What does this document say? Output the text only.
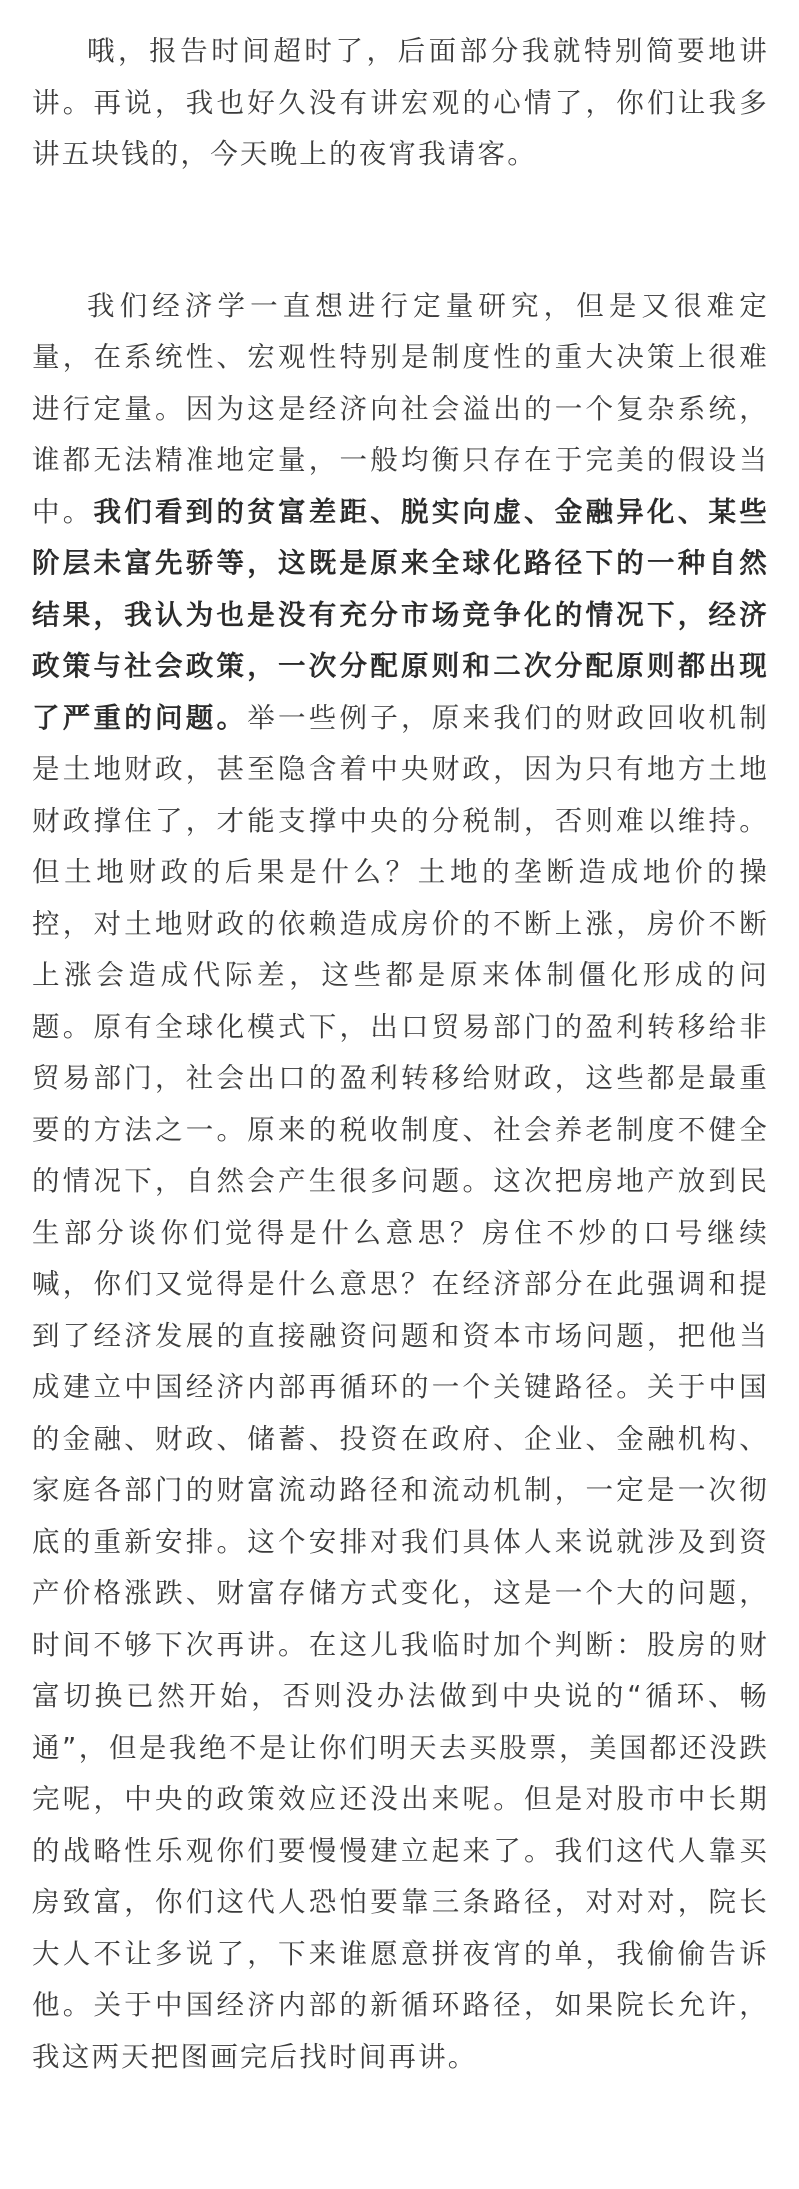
哦，报告时间超时了，后面部分我就特别简要地讲讲。再说，我也好久没有讲宏观的心情了，你们让我多讲五块钱的，今天晚上的夜宵我请客。

我们经济学一直想进行定量研究，但是又很难定量，在系统性、宏观性特别是制度性的重大决策上很难进行定量。因为这是经济向社会溢出的一个复杂系统，谁都无法精准地定量，一般均衡只存在于完美的假设当中。我们看到的贫富差距、脱实向虚、金融异化、某些阶层未富先骄等，这既是原来全球化路径下的一种自然结果，我认为也是没有充分市场竞争化的情况下，经济政策与社会政策，一次分配原则和二次分配原则都出现了严重的问题。举一些例子，原来我们的财政回收机制是土地财政，甚至隐含着中央财政，因为只有地方土地财政撑住了，才能支撑中央的分税制，否则难以维持。但土地财政的后果是什么？土地的垄断造成地价的操控，对土地财政的依赖造成房价的不断上涨，房价不断上涨会造成代际差，这些都是原来体制僵化形成的问题。原有全球化模式下，出口贸易部门的盈利转移给非贸易部门，社会出口的盈利转移给财政，这些都是最重要的方法之一。原来的税收制度、社会养老制度不健全的情况下，自然会产生很多问题。这次把房地产放到民生部分谈你们觉得是什么意思？房住不炒的口号继续喊，你们又觉得是什么意思？在经济部分在此强调和提到了经济发展的直接融资问题和资本市场问题，把他当成建立中国经济内部再循环的一个关键路径。关于中国的金融、财政、储蓄、投资在政府、企业、金融机构、家庭各部门的财富流动路径和流动机制，一定是一次彻底的重新安排。这个安排对我们具体人来说就涉及到资产价格涨跌、财富存储方式变化，这是一个大的问题，时间不够下次再讲。在这儿我临时加个判断：股房的财富切换已然开始，否则没办法做到中央说的“循环、畅通”，但是我绝不是让你们明天去买股票，美国都还没跌完呢，中央的政策效应还没出来呢。但是对股市中长期的战略性乐观你们要慢慢建立起来了。我们这代人靠买房致富，你们这代人恐怕要靠三条路径，对对对，院长大人不让多说了，下来谁愿意拼夜宵的单，我偷偷告诉他。关于中国经济内部的新循环路径，如果院长允许，我这两天把图画完后找时间再讲。
